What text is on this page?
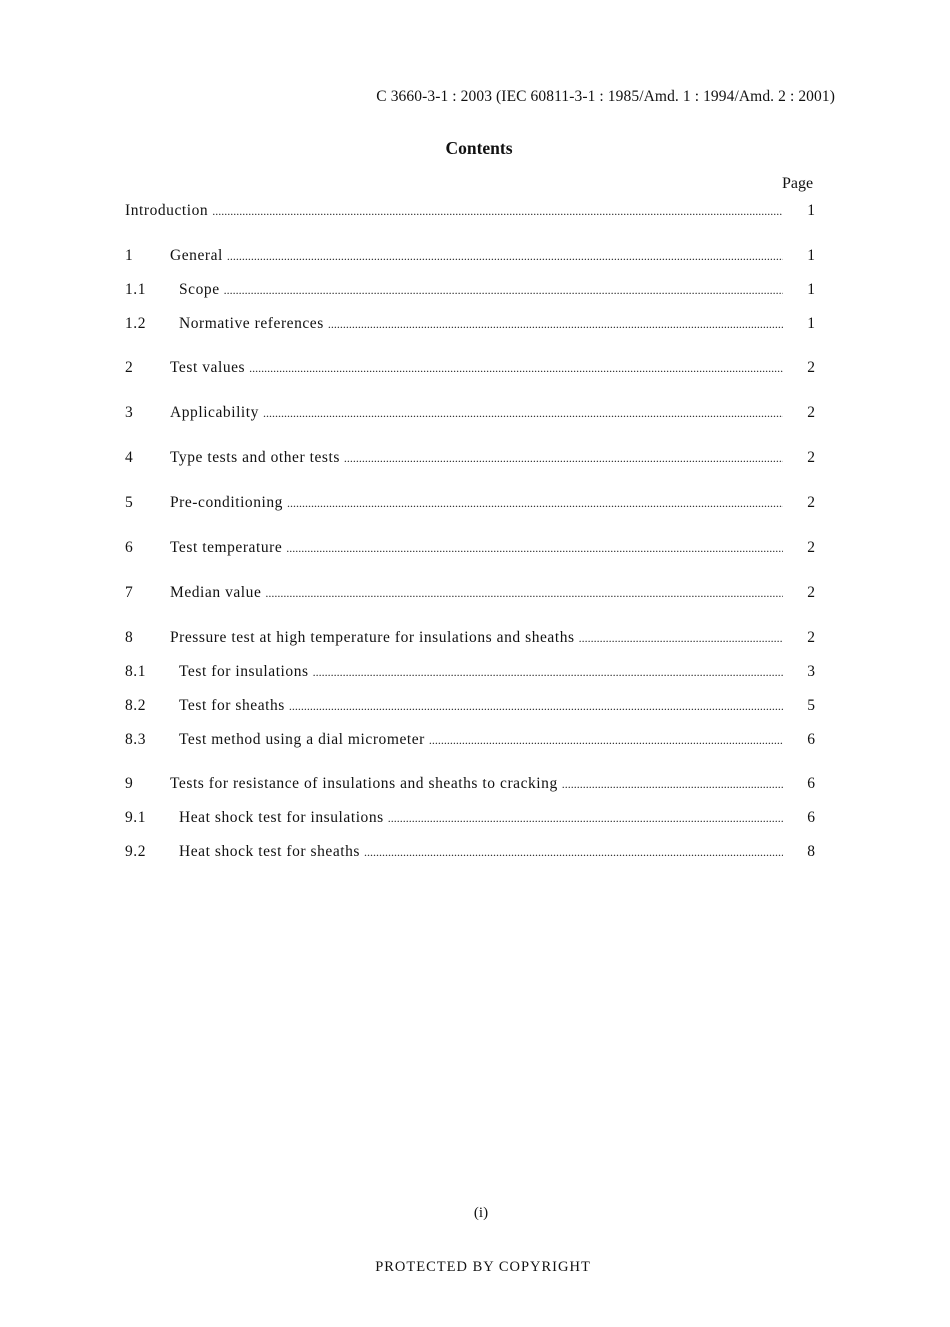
C 3660-3-1 : 2003 (IEC 60811-3-1 : 1985/Amd. 1 : 1994/Amd. 2 : 2001)
Contents
Page
Introduction .....	1
1	General .....	1
1.1	Scope .....	1
1.2	Normative references .....	1
2	Test values .....	2
3	Applicability .....	2
4	Type tests and other tests .....	2
5	Pre-conditioning .....	2
6	Test temperature .....	2
7	Median value .....	2
8	Pressure test at high temperature for insulations and sheaths .....	2
8.1	Test for insulations .....	3
8.2	Test for sheaths .....	5
8.3	Test method using a dial micrometer .....	6
9	Tests for resistance of insulations and sheaths to cracking .....	6
9.1	Heat shock test for insulations .....	6
9.2	Heat shock test for sheaths .....	8
(i)
PROTECTED BY COPYRIGHT
